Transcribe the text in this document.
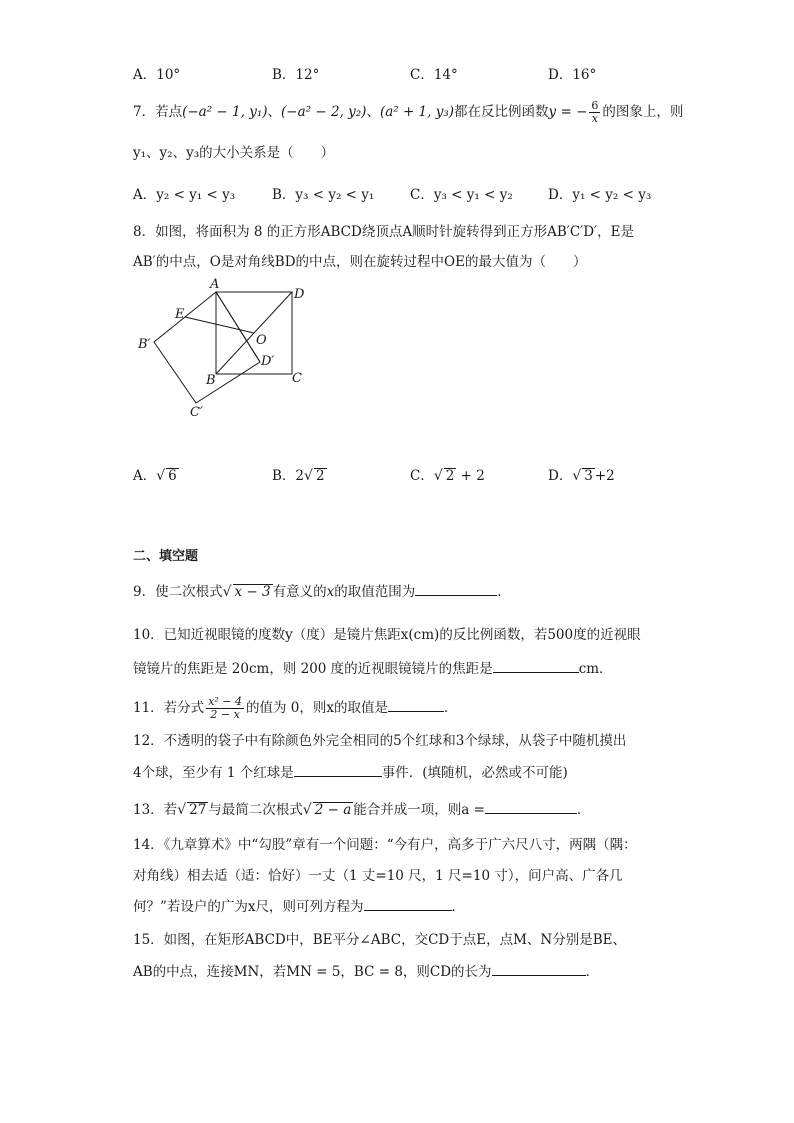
A．10°	B．12°	C．14°	D．16°
7．若点(−a² − 1, y₁)、(−a² − 2, y₂)、(a² + 1, y₃)都在反比例函数y = − $\frac{6}{x}$ 的图象上，则
y₁、y₂、y₃的大小关系是（　　）
A．y₂ < y₁ < y₃	B．y₃ < y₂ < y₁	C．y₃ < y₁ < y₂	D．y₁ < y₂ < y₃
8．如图，将面积为 8 的正方形ABCD绕顶点A顺时针旋转得到正方形AB′C′D′，E是
AB′的中点，O是对角线BD的中点，则在旋转过程中OE的最大值为（　　）
A
D
E
O
B′
D′
B	C
C′
A．√ 6	B．2√ 2	C．√ 2 + 2	D．√ 3 +2
二、填空题
9．使二次根式√ x − 3 有意义的x的取值范围为	．
10．已知近视眼镜的度数y（度）是镜片焦距x(cm)的反比例函数，若500度的近视眼
镜镜片的焦距是 20cm，则 200 度的近视眼镜镜片的焦距是	cm．
11．若分式 $\frac{\text{x² − 4}}{2 - x}$ 的值为 0，则x的取值是	．
12．不透明的袋子中有除颜色外完全相同的5个红球和3个绿球，从袋子中随机摸出
4个球，至少有 1 个红球是	事件．(填随机，必然或不可能)
13．若√ 27 与最简二次根式√ 2 − a 能合并成一项，则a =	．
14．《九章算术》中“勾股”章有一个问题：“今有户，高多于广六尺八寸，两隅（隅：
对角线）相去适（适：恰好）一丈（1 丈=10 尺，1 尺=10 寸），问户高、广各几
何？”若设户的广为x尺，则可列方程为	．
15．如图，在矩形ABCD中，BE平分∠ABC，交CD于点E，点M、N分别是BE、
AB的中点，连接MN，若MN = 5，BC = 8，则CD的长为	．
